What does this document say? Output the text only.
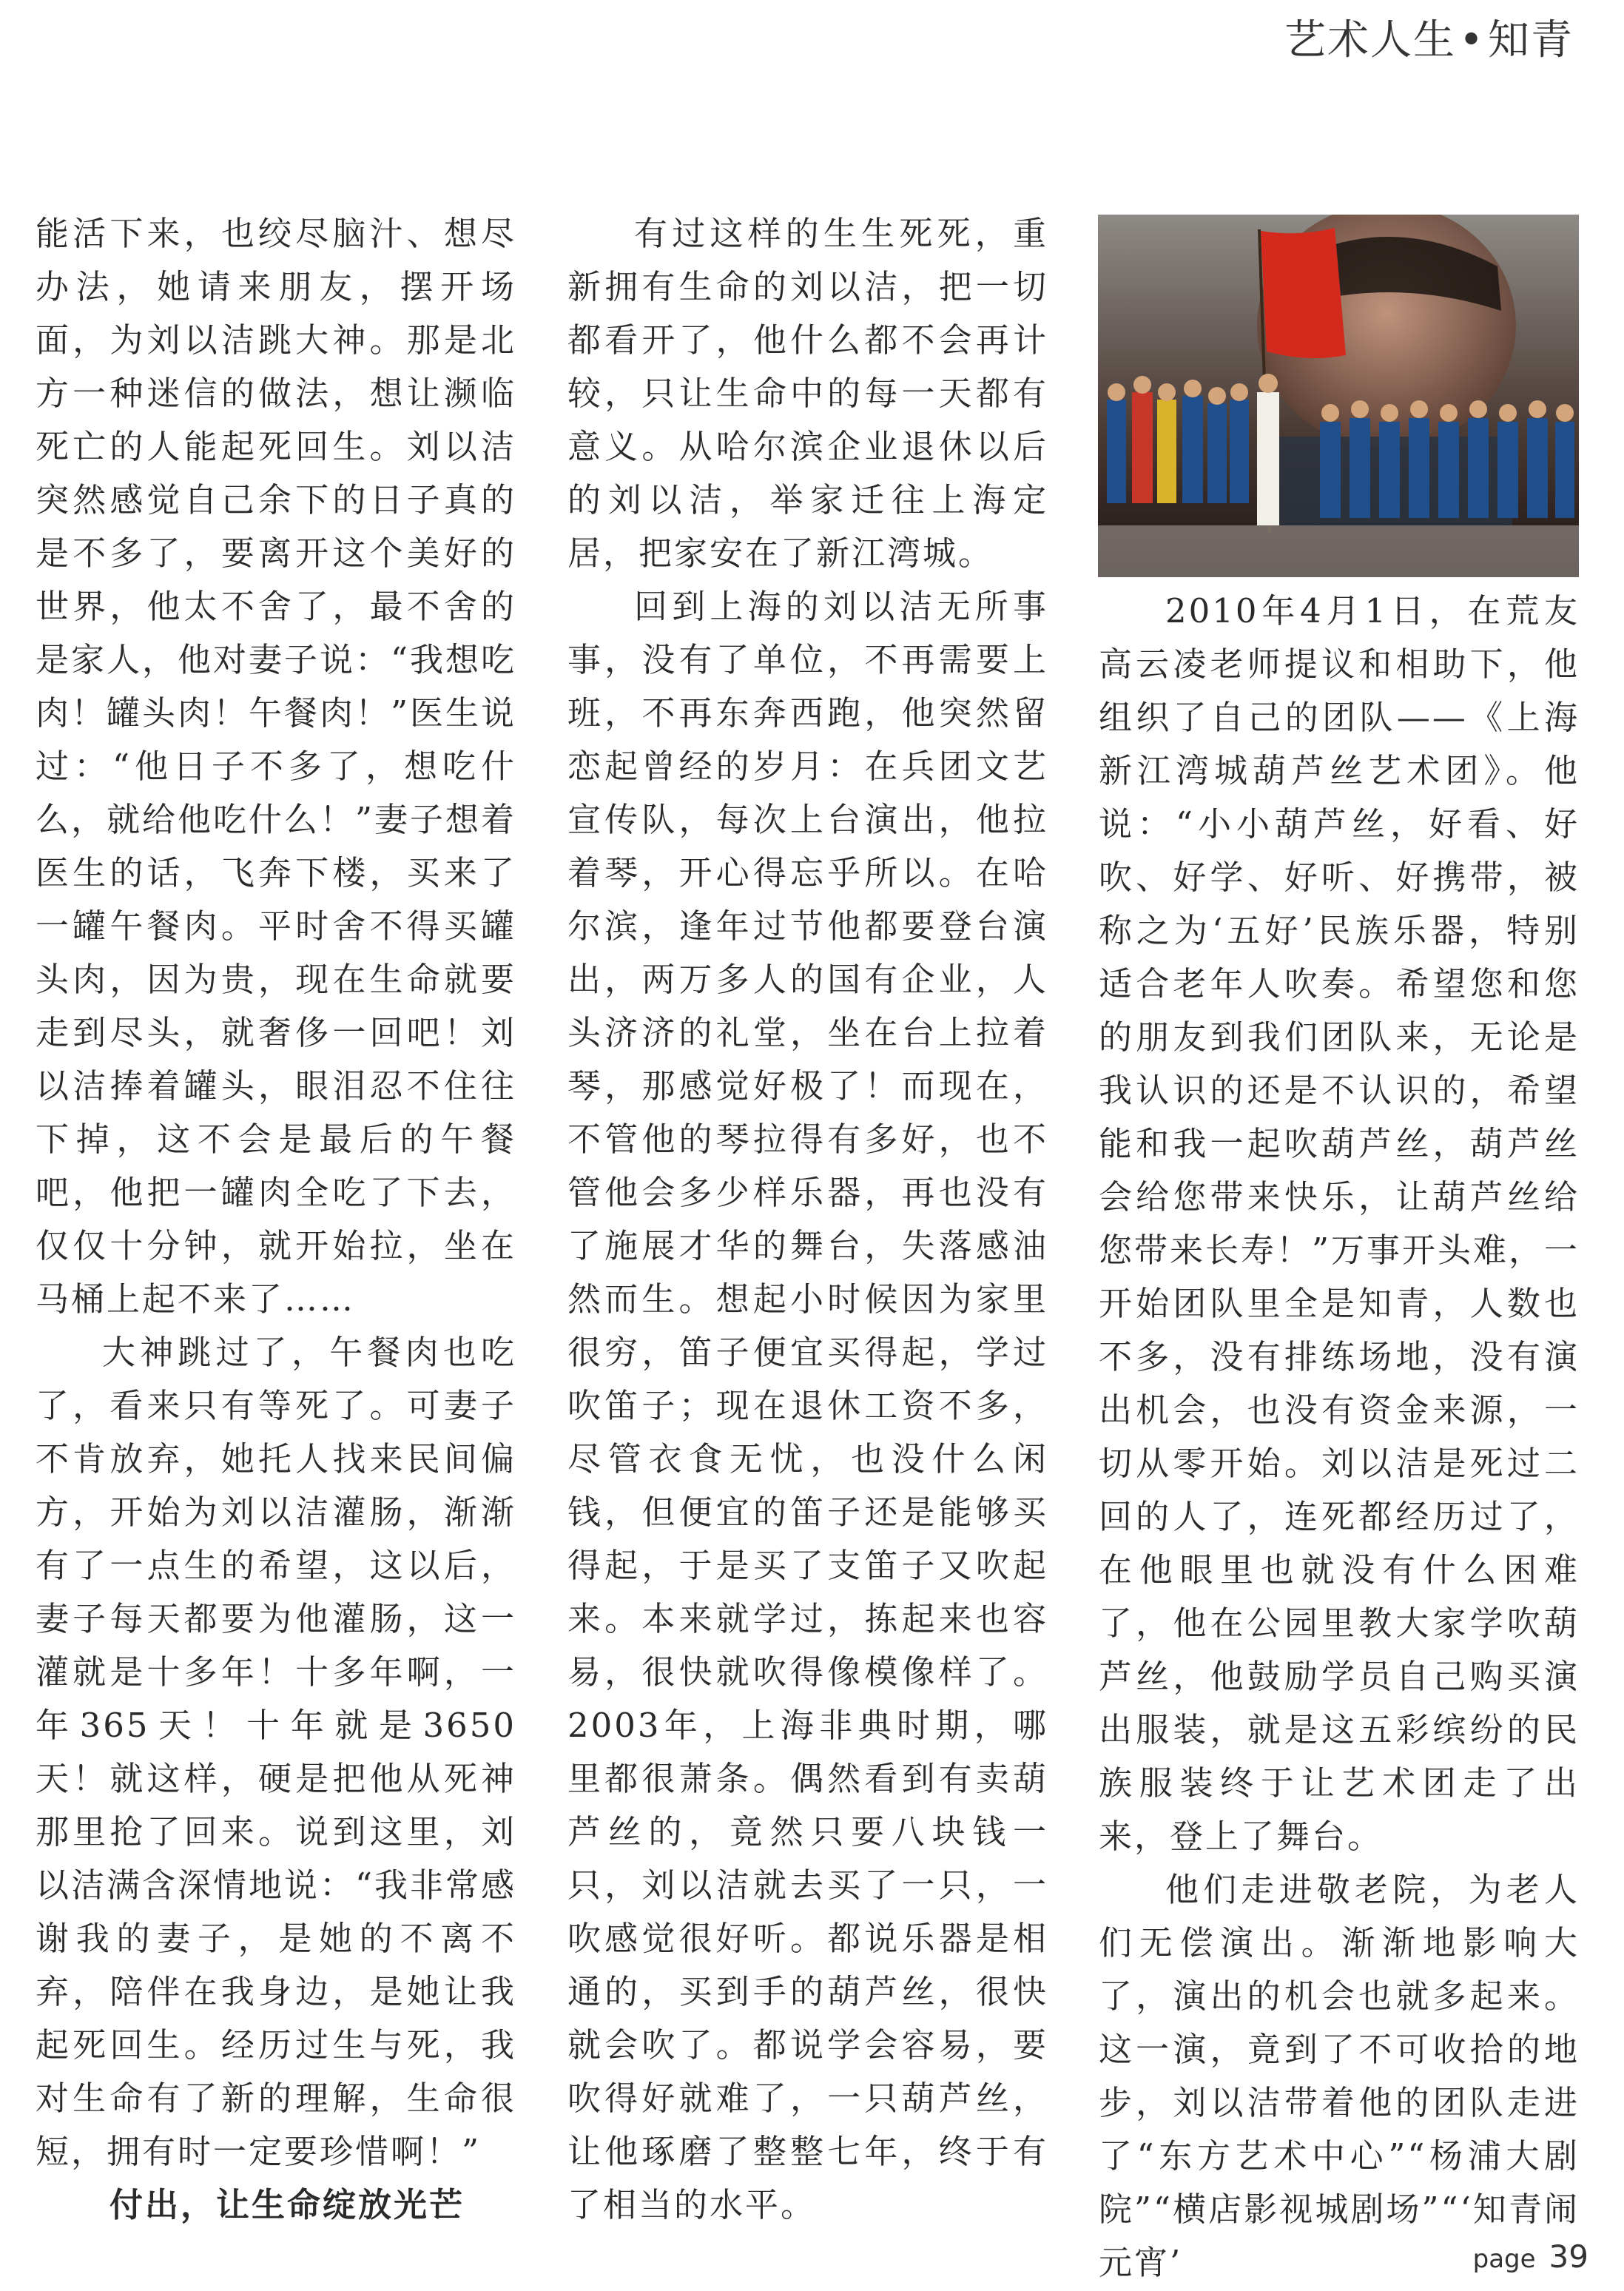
艺术人生•知青

能活下来，也绞尽脑汁、想尽办法，她请来朋友，摆开场面，为刘以洁跳大神。那是北方一种迷信的做法，想让濒临死亡的人能起死回生。刘以洁突然感觉自己余下的日子真的是不多了，要离开这个美好的世界，他太不舍了，最不舍的是家人，他对妻子说：“我想吃肉！罐头肉！午餐肉！”医生说过：“他日子不多了，想吃什么，就给他吃什么！”妻子想着医生的话，飞奔下楼，买来了一罐午餐肉。平时舍不得买罐头肉，因为贵，现在生命就要走到尽头，就奢侈一回吧！刘以洁捧着罐头，眼泪忍不住往下掉，这不会是最后的午餐吧，他把一罐肉全吃了下去，仅仅十分钟，就开始拉，坐在马桶上起不来了……

大神跳过了，午餐肉也吃了，看来只有等死了。可妻子不肯放弃，她托人找来民间偏方，开始为刘以洁灌肠，渐渐有了一点生的希望，这以后，妻子每天都要为他灌肠，这一灌就是十多年！十多年啊，一年365天！十年就是3650天！就这样，硬是把他从死神那里抢了回来。说到这里，刘以洁满含深情地说：“我非常感谢我的妻子，是她的不离不弃，陪伴在我身边，是她让我起死回生。经历过生与死，我对生命有了新的理解，生命很短，拥有时一定要珍惜啊！”

付出，让生命绽放光芒

有过这样的生生死死，重新拥有生命的刘以洁，把一切都看开了，他什么都不会再计较，只让生命中的每一天都有意义。从哈尔滨企业退休以后的刘以洁，举家迁往上海定居，把家安在了新江湾城。

回到上海的刘以洁无所事事，没有了单位，不再需要上班，不再东奔西跑，他突然留恋起曾经的岁月：在兵团文艺宣传队，每次上台演出，他拉着琴，开心得忘乎所以。在哈尔滨，逢年过节他都要登台演出，两万多人的国有企业，人头济济的礼堂，坐在台上拉着琴，那感觉好极了！而现在，不管他的琴拉得有多好，也不管他会多少样乐器，再也没有了施展才华的舞台，失落感油然而生。想起小时候因为家里很穷，笛子便宜买得起，学过吹笛子；现在退休工资不多，尽管衣食无忧，也没什么闲钱，但便宜的笛子还是能够买得起，于是买了支笛子又吹起来。本来就学过，拣起来也容易，很快就吹得像模像样了。2003年，上海非典时期，哪里都很萧条。偶然看到有卖葫芦丝的，竟然只要八块钱一只，刘以洁就去买了一只，一吹感觉很好听。都说乐器是相通的，买到手的葫芦丝，很快就会吹了。都说学会容易，要吹得好就难了，一只葫芦丝，让他琢磨了整整七年，终于有了相当的水平。

2010年4月1日，在荒友高云凌老师提议和相助下，他组织了自己的团队——《上海新江湾城葫芦丝艺术团》。他说：“小小葫芦丝，好看、好吹、好学、好听、好携带，被称之为‘五好’民族乐器，特别适合老年人吹奏。希望您和您的朋友到我们团队来，无论是我认识的还是不认识的，希望能和我一起吹葫芦丝，葫芦丝会给您带来快乐，让葫芦丝给您带来长寿！”万事开头难，一开始团队里全是知青，人数也不多，没有排练场地，没有演出机会，也没有资金来源，一切从零开始。刘以洁是死过二回的人了，连死都经历过了，在他眼里也就没有什么困难了，他在公园里教大家学吹葫芦丝，他鼓励学员自己购买演出服装，就是这五彩缤纷的民族服装终于让艺术团走了出来，登上了舞台。

他们走进敬老院，为老人们无偿演出。渐渐地影响大了，演出的机会也就多起来。这一演，竟到了不可收拾的地步，刘以洁带着他的团队走进了“东方艺术中心”“杨浦大剧院”“横店影视城剧场”“‘知青闹元宵’	page 39
